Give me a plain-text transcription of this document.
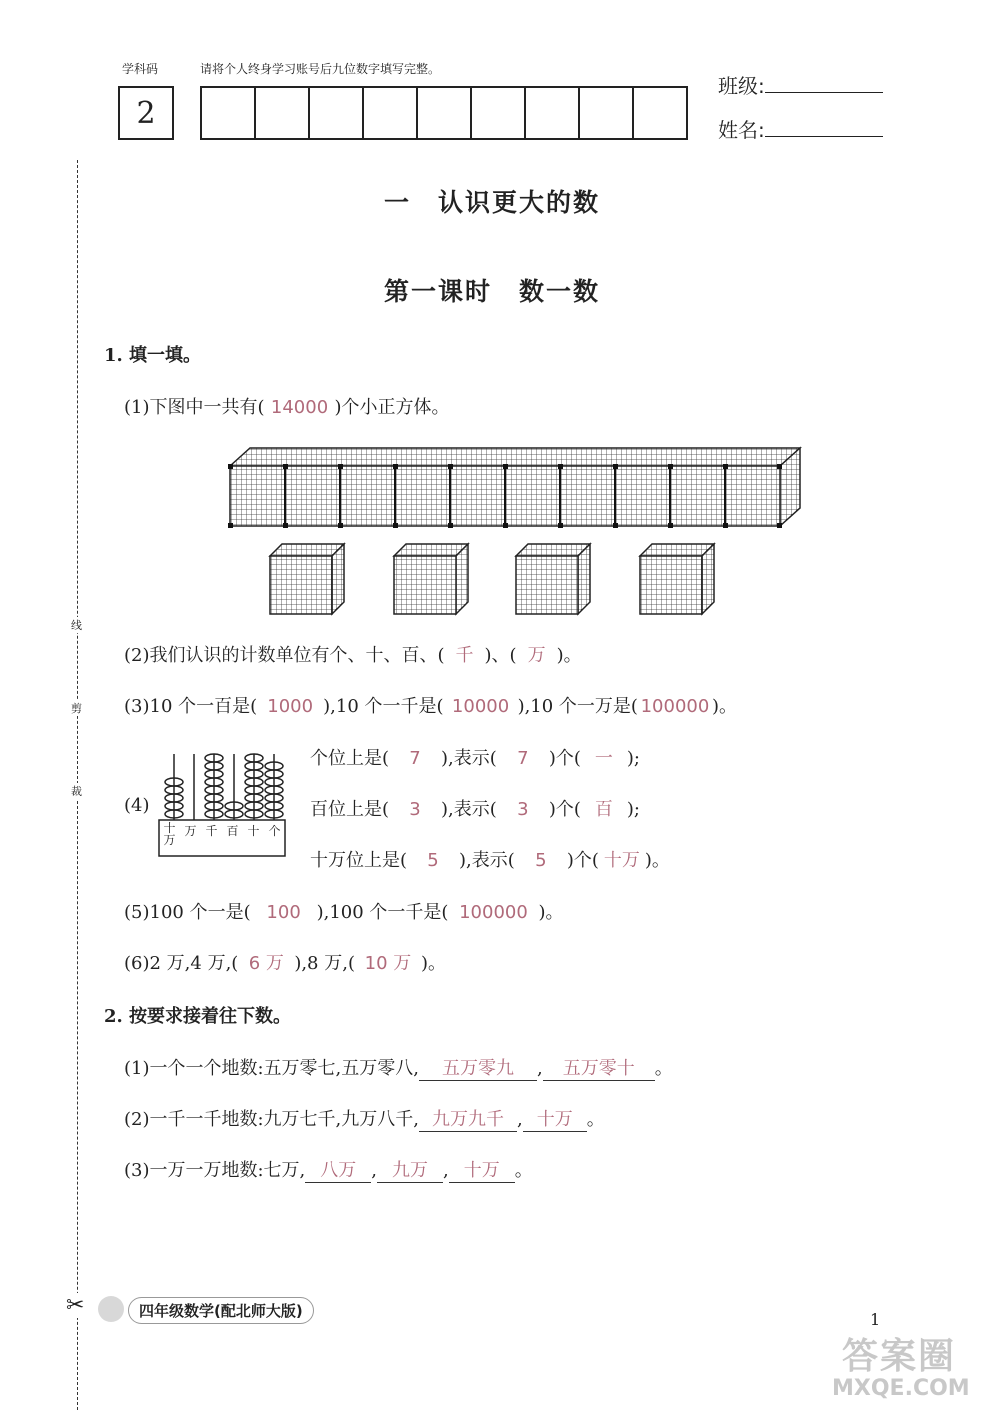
学科码	请将个人终身学习账号后九位数字填写完整。
2
班级:
姓名:
线
剪
裁
✂
一　认识更大的数
第一课时　数一数
1. 填一填。
(1)下图中一共有( 14000 )个小正方体。
(2)我们认识的计数单位有个、十、百、( 千 )、( 万 )。
(3)10 个一百是( 1000 ),10 个一千是( 10000 ),10 个一万是( 100000 )。
(4)
十万
万 千 百 十 个
个位上是( 7 ),表示( 7 )个( 一 );
百位上是( 3 ),表示( 3 )个( 百 );
十万位上是( 5 ),表示( 5 )个( 十万 )。
(5)100 个一是( 100 ),100 个一千是( 100000 )。
(6)2 万,4 万,( 6 万 ),8 万,( 10 万 )。
2. 按要求接着往下数。
(1)一个一个地数:五万零七,五万零八, 五万零九 , 五万零十 。
(2)一千一千地数:九万七千,九万八千, 九万九千 , 十万 。
(3)一万一万地数:七万, 八万 , 九万 , 十万 。
四年级数学(配北师大版)	1
答案圈
MXQE.COM
